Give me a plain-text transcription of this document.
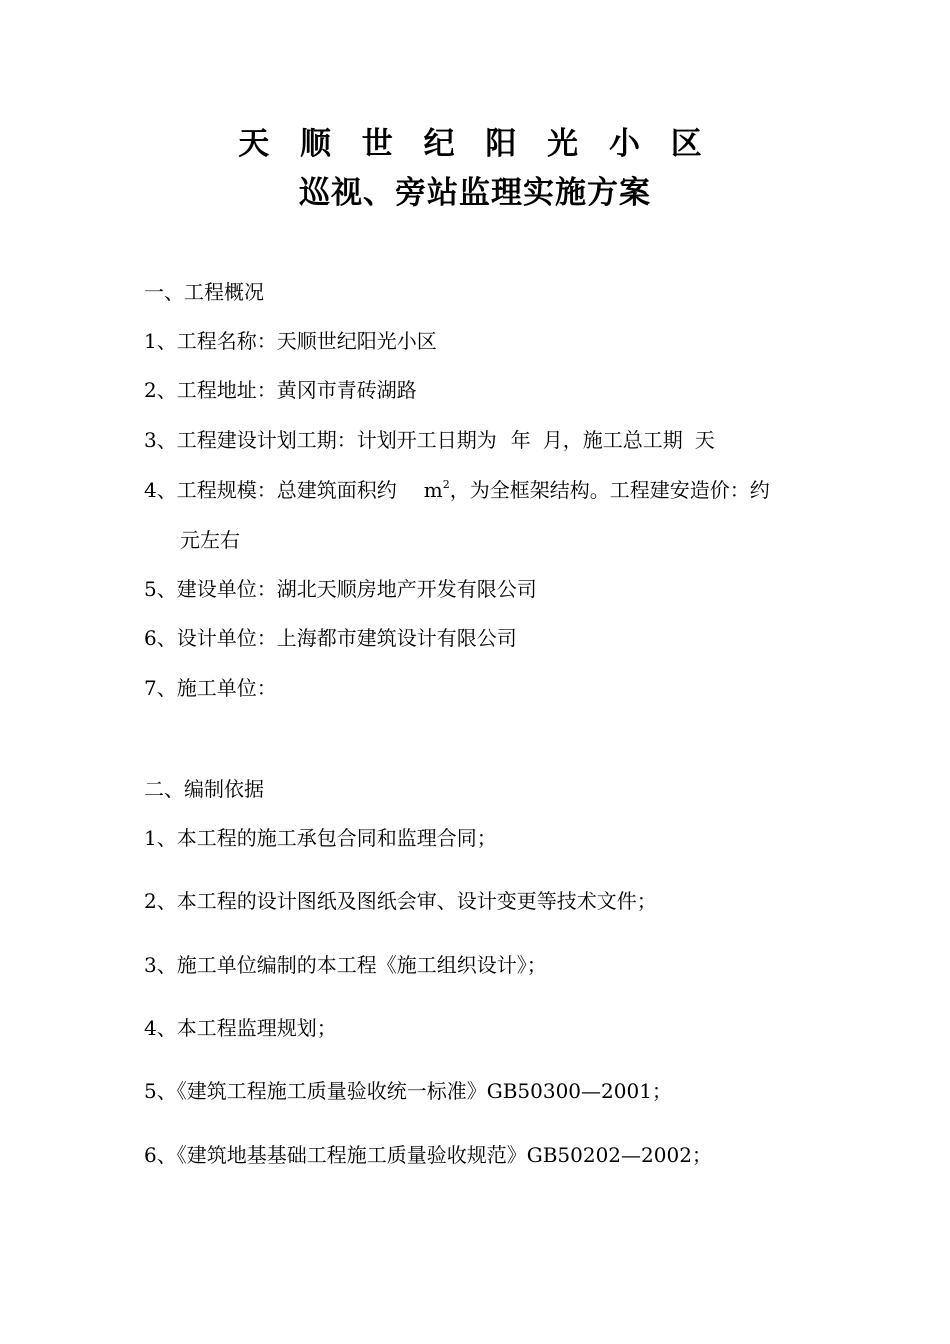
天 顺 世 纪 阳 光 小 区
巡视、旁站监理实施方案
一、工程概况
1、工程名称：天顺世纪阳光小区
2、工程地址：黄冈市青砖湖路
3、工程建设计划工期：计划开工日期为 年 月，施工总工期 天
4、工程规模：总建筑面积约 $m^2$，为全框架结构。工程建安造价：约
元左右
5、建设单位：湖北天顺房地产开发有限公司
6、设计单位：上海都市建筑设计有限公司
7、施工单位：
二、编制依据
1、本工程的施工承包合同和监理合同；
2、本工程的设计图纸及图纸会审、设计变更等技术文件；
3、施工单位编制的本工程《施工组织设计》；
4、本工程监理规划；
5、《建筑工程施工质量验收统一标准》GB50300—2001；
6、《建筑地基基础工程施工质量验收规范》GB50202—2002；
